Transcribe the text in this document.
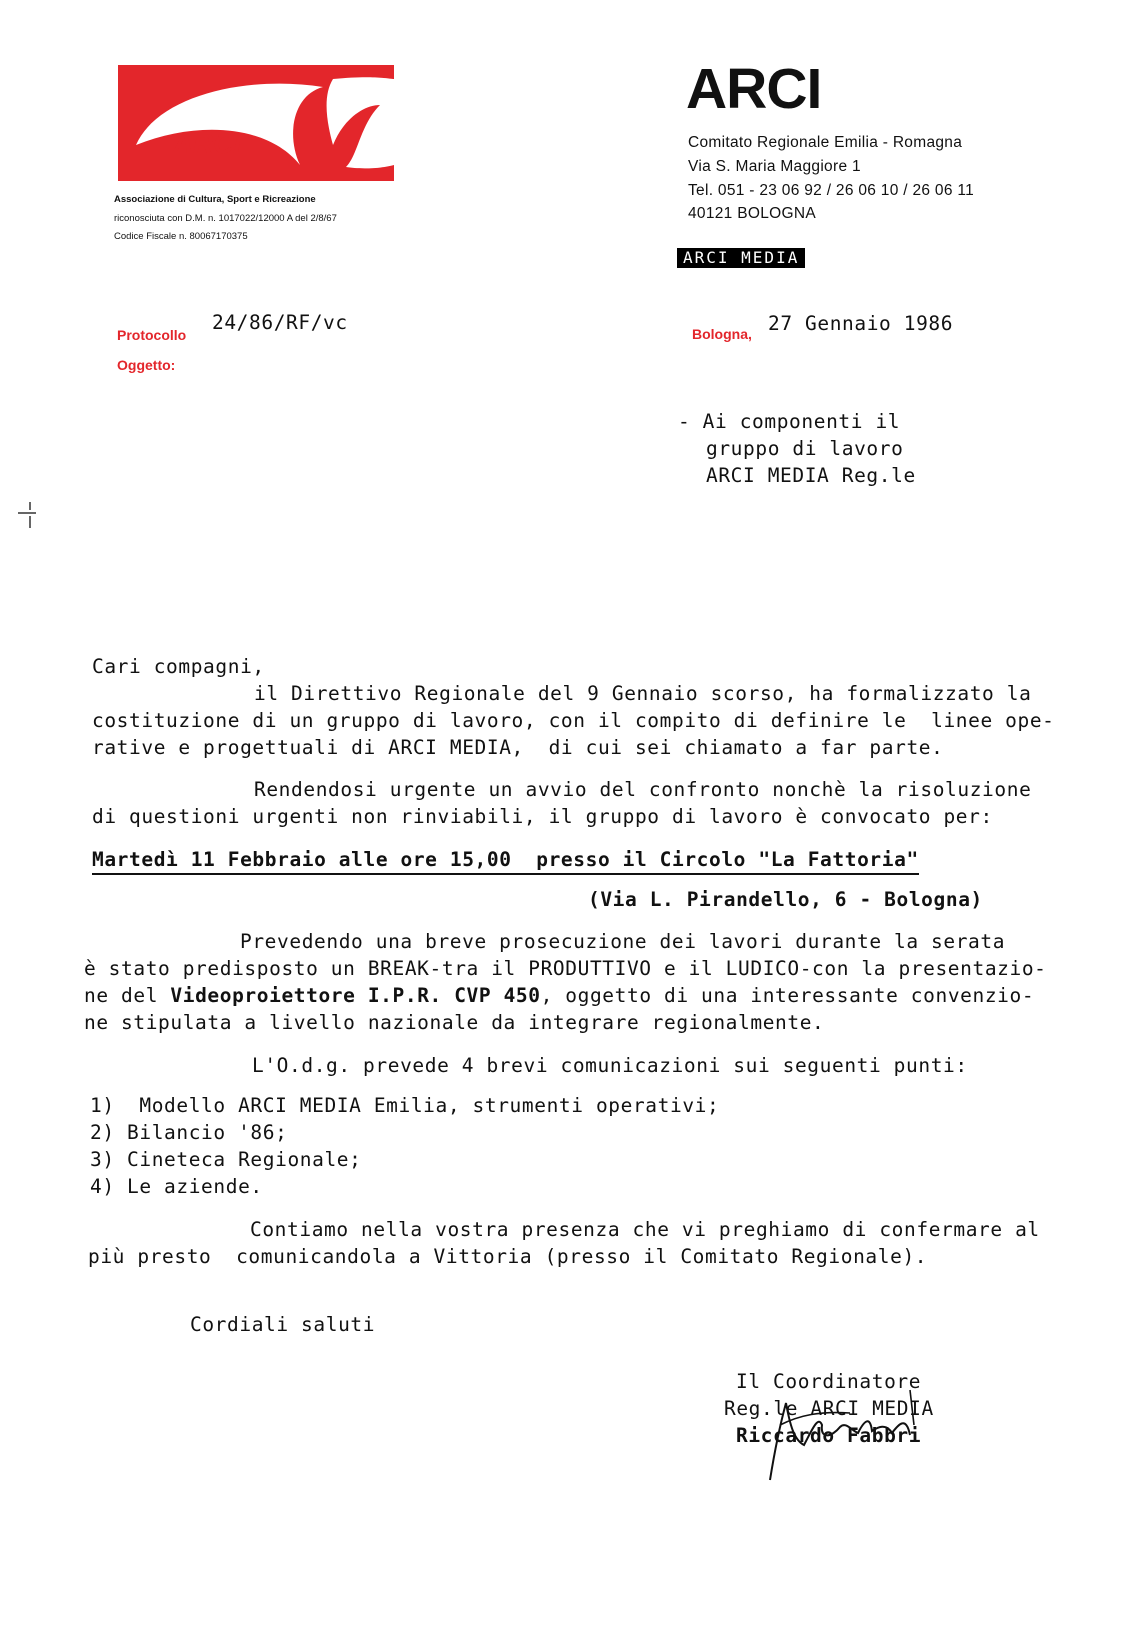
ARCI
Associazione di Cultura, Sport e Ricreazione
riconosciuta con D.M. n. 1017022/12000 A del 2/8/67
Codice Fiscale n. 80067170375
ARCI
Comitato Regionale Emilia - Romagna
Via S. Maria Maggiore 1
Tel. 051 - 23 06 92 / 26 06 10 / 26 06 11
40121 BOLOGNA
ARCI MEDIA
Protocollo
24/86/RF/vc
Oggetto:
Bologna, 27 Gennaio 1986
- Ai componenti il
gruppo di lavoro
ARCI MEDIA Reg.le
Cari compagni,
il Direttivo Regionale del 9 Gennaio scorso, ha formalizzato la
costituzione di un gruppo di lavoro, con il compito di definire le  linee ope-
rative e progettuali di ARCI MEDIA,  di cui sei chiamato a far parte.
Rendendosi urgente un avvio del confronto nonchè la risoluzione
di questioni urgenti non rinviabili, il gruppo di lavoro è convocato per:
Martedì 11 Febbraio alle ore 15,00  presso il Circolo "La Fattoria"
(Via L. Pirandello, 6 - Bologna)
Prevedendo una breve prosecuzione dei lavori durante la serata
è stato predisposto un BREAK-tra il PRODUTTIVO e il LUDICO-con la presentazio-
ne del Videoproiettore I.P.R. CVP 450, oggetto di una interessante convenzio-
ne stipulata a livello nazionale da integrare regionalmente.
L'O.d.g. prevede 4 brevi comunicazioni sui seguenti punti:
1)  Modello ARCI MEDIA Emilia, strumenti operativi;
2) Bilancio '86;
3) Cineteca Regionale;
4) Le aziende.
Contiamo nella vostra presenza che vi preghiamo di confermare al
più presto  comunicandola a Vittoria (presso il Comitato Regionale).
Cordiali saluti
Il Coordinatore
Reg.le ARCI MEDIA
Riccardo Fabbri
